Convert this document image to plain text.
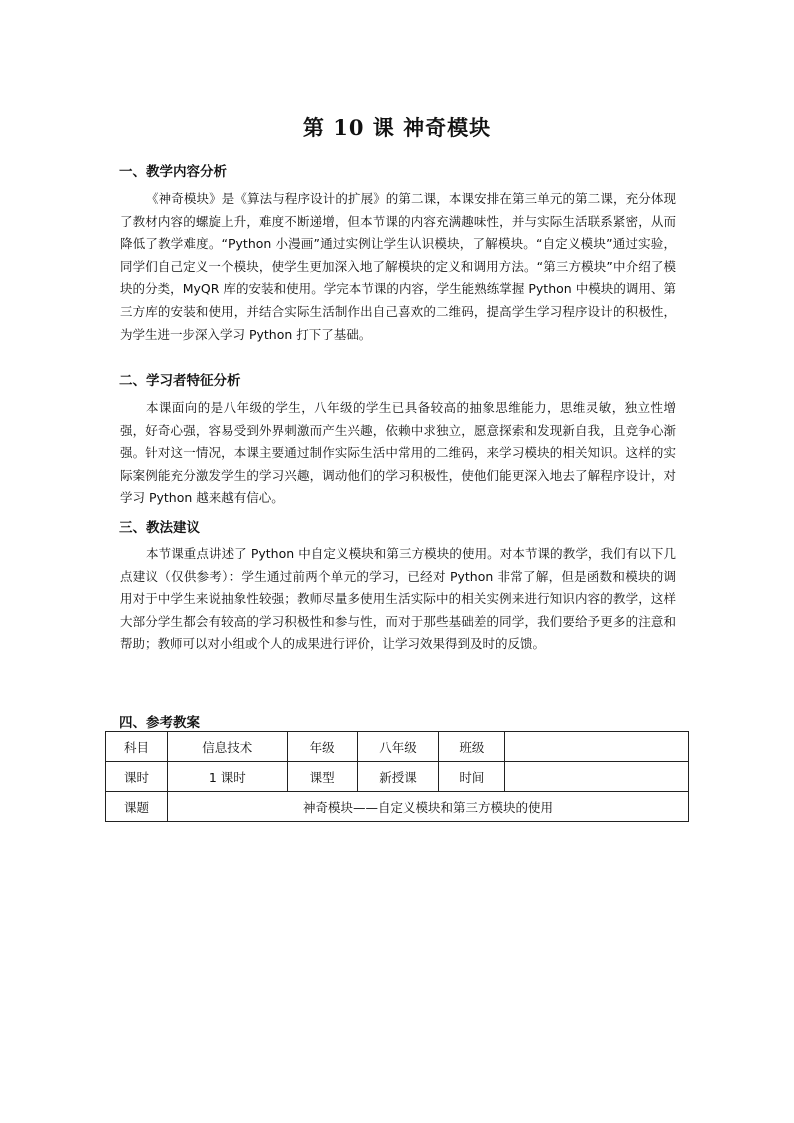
第 10 课 神奇模块
一、教学内容分析

《神奇模块》是《算法与程序设计的扩展》的第二课，本课安排在第三单元的第二课，充分体现了教材内容的螺旋上升，难度不断递增，但本节课的内容充满趣味性，并与实际生活联系紧密，从而降低了教学难度。“Python 小漫画”通过实例让学生认识模块，了解模块。“自定义模块”通过实验，同学们自己定义一个模块，使学生更加深入地了解模块的定义和调用方法。“第三方模块”中介绍了模块的分类，MyQR 库的安装和使用。学完本节课的内容，学生能熟练掌握 Python 中模块的调用、第三方库的安装和使用，并结合实际生活制作出自己喜欢的二维码，提高学生学习程序设计的积极性，为学生进一步深入学习 Python 打下了基础。

二、学习者特征分析

本课面向的是八年级的学生，八年级的学生已具备较高的抽象思维能力，思维灵敏，独立性增强，好奇心强，容易受到外界刺激而产生兴趣，依赖中求独立，愿意探索和发现新自我，且竞争心渐强。针对这一情况，本课主要通过制作实际生活中常用的二维码，来学习模块的相关知识。这样的实际案例能充分激发学生的学习兴趣，调动他们的学习积极性，使他们能更深入地去了解程序设计，对学习 Python 越来越有信心。

三、教法建议

本节课重点讲述了 Python 中自定义模块和第三方模块的使用。对本节课的教学，我们有以下几点建议（仅供参考）：学生通过前两个单元的学习，已经对 Python 非常了解，但是函数和模块的调用对于中学生来说抽象性较强；教师尽量多使用生活实际中的相关实例来进行知识内容的教学，这样大部分学生都会有较高的学习积极性和参与性，而对于那些基础差的同学，我们要给予更多的注意和帮助；教师可以对小组或个人的成果进行评价，让学习效果得到及时的反馈。

四、参考教案
科目	信息技术	年级	八年级	班级	
课时	1 课时	课型	新授课	时间	
课题	神奇模块——自定义模块和第三方模块的使用				
